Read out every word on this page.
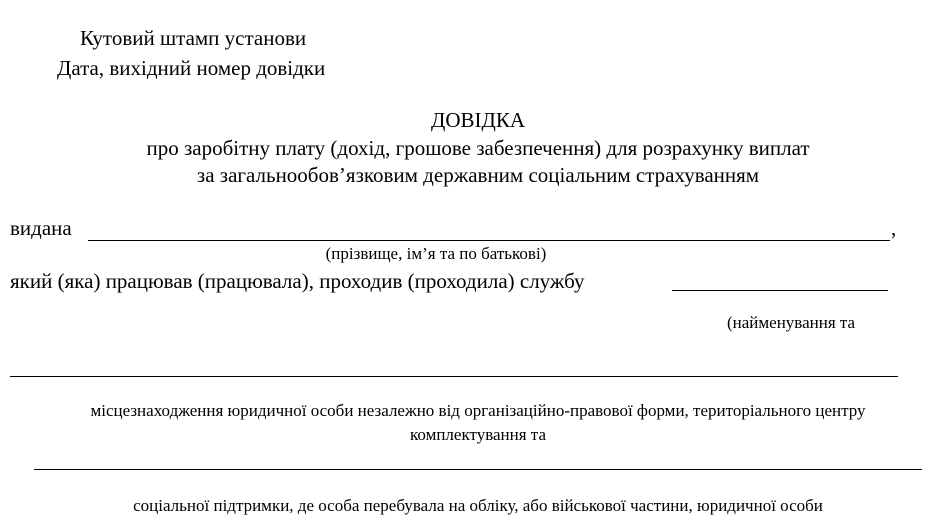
Кутовий штамп установи
Дата, вихідний номер довідки
ДОВІДКА
про заробітну плату (дохід, грошове забезпечення) для розрахунку виплат
за загальнообов’язковим державним соціальним страхуванням
видана	,
(прізвище, ім’я та по батькові)
який (яка) працював (працювала), проходив (проходила) службу
(найменування та
місцезнаходження юридичної особи незалежно від організаційно-правової форми, територіального центру
комплектування та
соціальної підтримки, де особа перебувала на обліку, або військової частини, юридичної особи
